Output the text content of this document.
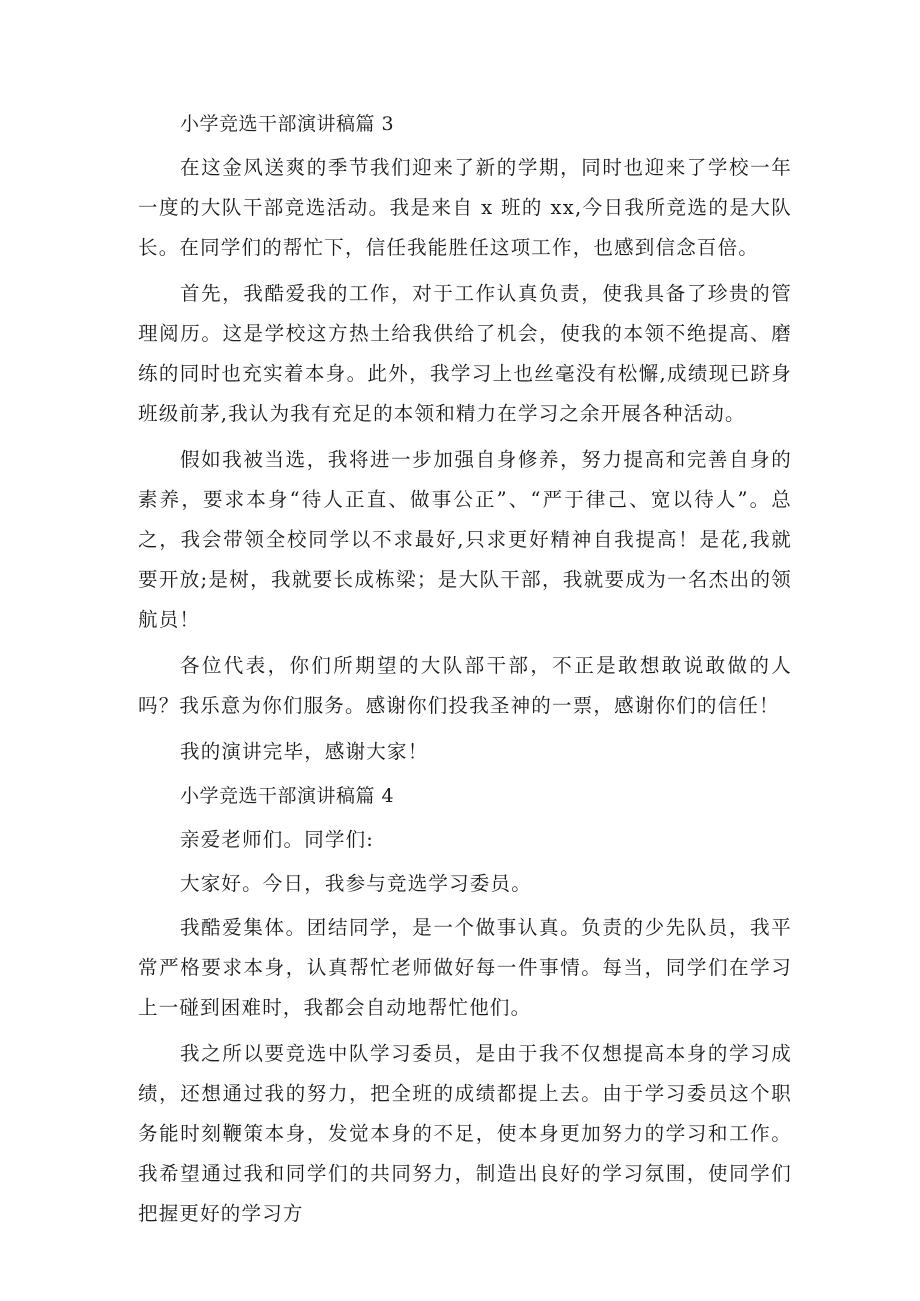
小学竞选干部演讲稿篇 3

在这金风送爽的季节我们迎来了新的学期，同时也迎来了学校一年一度的大队干部竞选活动。我是来自 x 班的 xx,今日我所竞选的是大队长。在同学们的帮忙下，信任我能胜任这项工作，也感到信念百倍。

首先，我酷爱我的工作，对于工作认真负责，使我具备了珍贵的管理阅历。这是学校这方热土给我供给了机会，使我的本领不绝提高、磨练的同时也充实着本身。此外，我学习上也丝毫没有松懈,成绩现已跻身班级前茅,我认为我有充足的本领和精力在学习之余开展各种活动。

假如我被当选，我将进一步加强自身修养，努力提高和完善自身的素养，要求本身“待人正直、做事公正”、“严于律己、宽以待人”。总之，我会带领全校同学以不求最好,只求更好精神自我提高！是花,我就要开放;是树，我就要长成栋梁；是大队干部，我就要成为一名杰出的领航员！

各位代表，你们所期望的大队部干部，不正是敢想敢说敢做的人吗？我乐意为你们服务。感谢你们投我圣神的一票，感谢你们的信任！

我的演讲完毕，感谢大家！

小学竞选干部演讲稿篇 4

亲爱老师们。同学们:

大家好。今日，我参与竞选学习委员。

我酷爱集体。团结同学，是一个做事认真。负责的少先队员，我平常严格要求本身，认真帮忙老师做好每一件事情。每当，同学们在学习上一碰到困难时，我都会自动地帮忙他们。

我之所以要竞选中队学习委员，是由于我不仅想提高本身的学习成绩，还想通过我的努力，把全班的成绩都提上去。由于学习委员这个职务能时刻鞭策本身，发觉本身的不足，使本身更加努力的学习和工作。我希望通过我和同学们的共同努力，制造出良好的学习氛围，使同学们把握更好的学习方
